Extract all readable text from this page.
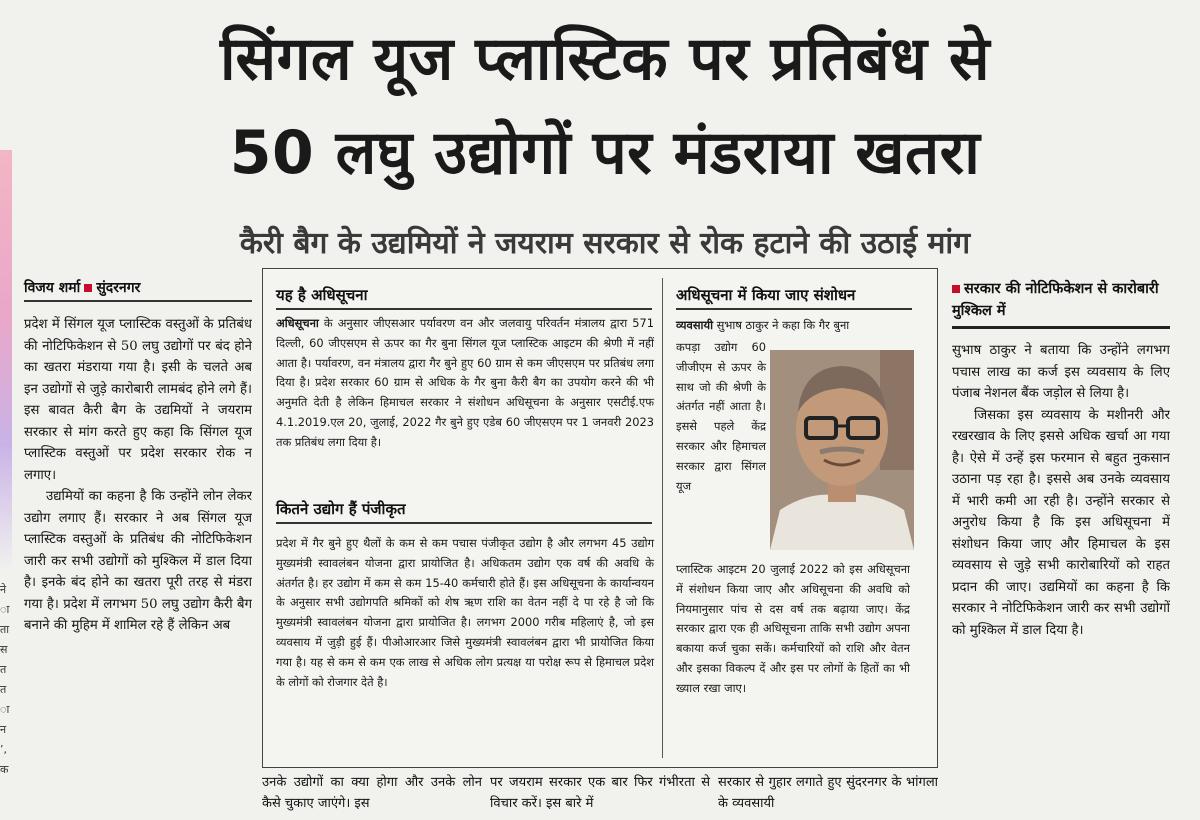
ने
ा
ता
स
त
त
ा
न
’,
क
सिंगल यूज प्लास्टिक पर प्रतिबंध से
50 लघु उद्योगों पर मंडराया खतरा
कैरी बैग के उद्यमियों ने जयराम सरकार से रोक हटाने की उठाई मांग
विजय शर्मा सुंदरनगर

प्रदेश में सिंगल यूज प्लास्टिक वस्तुओं के प्रतिबंध की नोटिफिकेशन से 50 लघु उद्योगों पर बंद होने का खतरा मंडराया गया है। इसी के चलते अब इन उद्योगों से जुड़े कारोबारी लामबंद होने लगे हैं। इस बावत कैरी बैग के उद्यमियों ने जयराम सरकार से मांग करते हुए कहा कि सिंगल यूज प्लास्टिक वस्तुओं पर प्रदेश सरकार रोक न लगाए।

उद्यमियों का कहना है कि उन्होंने लोन लेकर उद्योग लगाए हैं। सरकार ने अब सिंगल यूज प्लास्टिक वस्तुओं के प्रतिबंध की नोटिफिकेशन जारी कर सभी उद्योगों को मुश्किल में डाल दिया है। इनके बंद होने का खतरा पूरी तरह से मंडरा गया है। प्रदेश में लगभग 50 लघु उद्योग कैरी बैग बनाने की मुहिम में शामिल रहे हैं लेकिन अब

यह है अधिसूचना

अधिसूचना के अनुसार जीएसआर पर्यावरण वन और जलवायु परिवर्तन मंत्रालय द्वारा 571 दिल्ली, 60 जीएसएम से ऊपर का गैर बुना सिंगल यूज प्लास्टिक आइटम की श्रेणी में नहीं आता है। पर्यावरण, वन मंत्रालय द्वारा गैर बुने हुए 60 ग्राम से कम जीएसएम पर प्रतिबंध लगा दिया है। प्रदेश सरकार 60 ग्राम से अधिक के गैर बुना कैरी बैग का उपयोग करने की भी अनुमति देती है लेकिन हिमाचल सरकार ने संशोधन अधिसूचना के अनुसार एसटीई.एफ 4.1.2019.एल 20, जुलाई, 2022 गैर बुने हुए एडेब 60 जीएसएम पर 1 जनवरी 2023 तक प्रतिबंध लगा दिया है।

कितने उद्योग हैं पंजीकृत

प्रदेश में गैर बुने हुए थैलों के कम से कम पचास पंजीकृत उद्योग है और लगभग 45 उद्योग मुख्यमंत्री स्वावलंबन योजना द्वारा प्रायोजित है। अधिकतम उद्योग एक वर्ष की अवधि के अंतर्गत है। हर उद्योग में कम से कम 15-40 कर्मचारी होते हैं। इस अधिसूचना के कार्यान्वयन के अनुसार सभी उद्योगपति श्रमिकों को शेष ऋण राशि का वेतन नहीं दे पा रहे है जो कि मुख्यमंत्री स्वावलंबन योजना द्वारा प्रायोजित है। लगभग 2000 गरीब महिलाएं है, जो इस व्यवसाय में जुड़ी हुई हैं। पीओआरआर जिसे मुख्यमंत्री स्वावलंबन द्वारा भी प्रायोजित किया गया है। यह से कम से कम एक लाख से अधिक लोग प्रत्यक्ष या परोक्ष रूप से हिमाचल प्रदेश के लोगों को रोजगार देते है।

अधिसूचना में किया जाए संशोधन

व्यवसायी सुभाष ठाकुर ने कहा कि गैर बुना

कपड़ा उद्योग 60 जीजीएम से ऊपर के साथ जो की श्रेणी के अंतर्गत नहीं आता है। इससे पहले केंद्र सरकार और हिमाचल सरकार द्वारा सिंगल यूज

प्लास्टिक आइटम 20 जुलाई 2022 को इस अधिसूचना में संशोधन किया जाए और अधिसूचना की अवधि को नियमानुसार पांच से दस वर्ष तक बढ़ाया जाए। केंद्र सरकार द्वारा एक ही अधिसूचना ताकि सभी उद्योग अपना बकाया कर्ज चुका सकें। कर्मचारियों को राशि और वेतन और इसका विकल्प दें और इस पर लोगों के हितों का भी ख्याल रखा जाए।

उनके उद्योगों का क्या होगा और उनके लोन कैसे चुकाए जाएंगे। इस
पर जयराम सरकार एक बार फिर गंभीरता से विचार करें। इस बारे में
सरकार से गुहार लगाते हुए सुंदरनगर के भांगला के व्यवसायी
सरकार की नोटिफिकेशन से कारोबारी मुश्किल में

सुभाष ठाकुर ने बताया कि उन्होंने लगभग पचास लाख का कर्ज इस व्यवसाय के लिए पंजाब नेशनल बैंक जड़ोल से लिया है।

जिसका इस व्यवसाय के मशीनरी और रखरखाव के लिए इससे अधिक खर्चा आ गया है। ऐसे में उन्हें इस फरमान से बहुत नुकसान उठाना पड़ रहा है। इससे अब उनके व्यवसाय में भारी कमी आ रही है। उन्होंने सरकार से अनुरोध किया है कि इस अधिसूचना में संशोधन किया जाए और हिमाचल के इस व्यवसाय से जुड़े सभी कारोबारियों को राहत प्रदान की जाए। उद्यमियों का कहना है कि सरकार ने नोटिफिकेशन जारी कर सभी उद्योगों को मुश्किल में डाल दिया है।
